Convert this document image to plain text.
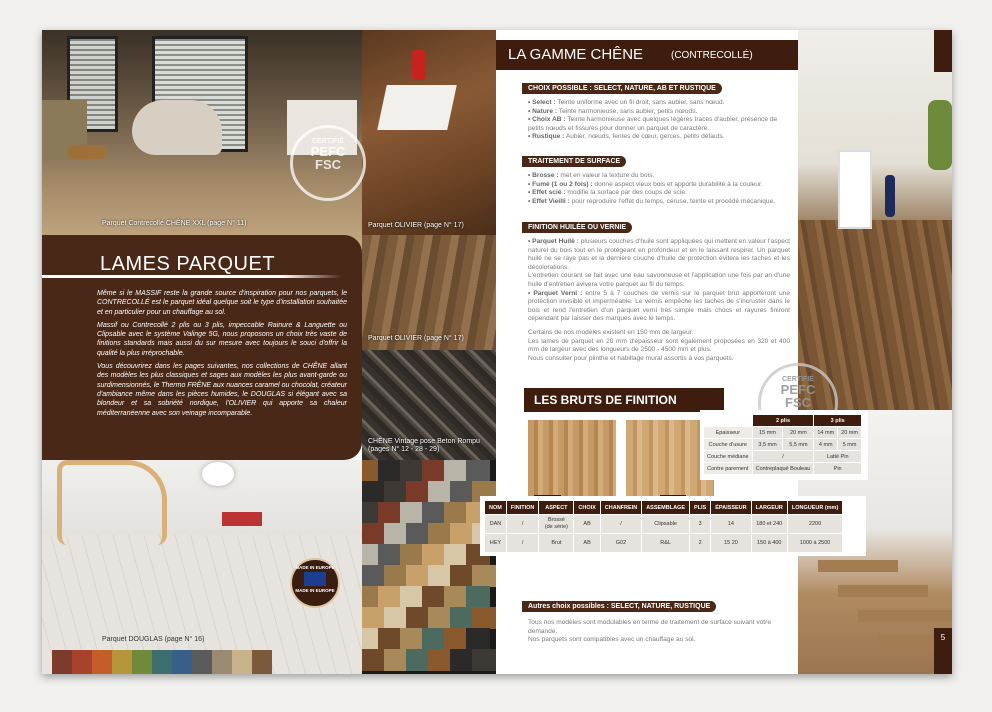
Parquet Contrecollé CHÊNE XXL (page N° 11)	Parquet OLIVIER (page N° 17)
Parquet OLIVIER (page N° 17)
CHÊNE Vintage pose Beton Rompu (pages N° 12 - 28 - 29)
Parquet DOUGLAS (page N° 16)
LAMES PARQUET

Même si le MASSIF reste la grande source d'inspiration pour nos parquets, le CONTRECOLLÉ est le parquet idéal quelque soit le type d'installation souhaitée et en particulier pour un chauffage au sol.

Massif ou Contrecollé 2 plis ou 3 plis, impeccable Rainure & Languette ou Clipsable avec le système Valinge 5G, nous proposons un choix très vaste de finitions standards mais aussi du sur mesure avec toujours le souci d'offrir la qualité la plus irréprochable.

Vous découvrirez dans les pages suivantes, nos collections de CHÊNE allant des modèles les plus classiques et sages aux modèles les plus avant-garde ou surdimensionnés, le Thermo FRÊNE aux nuances caramel ou chocolat, créateur d'ambiance même dans les pièces humides, le DOUGLAS si élégant avec sa blondeur et sa sobriété nordique, l'OLIVIER qui apporte sa chaleur méditerranéenne avec son veinage incomparable.

CERTIFIÉ
PEFC
FSC
MADE IN EUROPE
MADE IN EUROPE
LA GAMME CHÊNE	(CONTRECOLLÉ)
CHOIX POSSIBLE : SELECT, NATURE, AB ET RUSTIQUE

• Select : Teinte uniforme avec un fil droit, sans aubier, sans nœud.

• Nature : Teinte harmonieuse, sans aubier, petits nœuds.

• Choix AB : Teinte harmonieuse avec quelques légères traces d'aubier, présence de petits nœuds et fissures pour donner un parquet de caractère.

• Rustique : Aubier, nœuds, fentes de cœur, gerces, petits défauts.

TRAITEMENT DE SURFACE

• Brosse : met en valeur la texture du bois.

• Fumé (1 ou 2 fois) : donne aspect vieux bois et apporte durabilité à la couleur.

• Effet scié : modifie la surface par des coups de scie.

• Effet Vieilli : pour reproduire l'effet du temps, céruse, teinte et procédé mécanique.

FINITION HUILÉE OU VERNIE

• Parquet Huilé : plusieurs couches d'huile sont appliquées qui mettent en valeur l'aspect naturel du bois tout en le protégeant en profondeur et en le laissant respirer. Un parquet huilé ne se raye pas et la dernière couche d'huile de protection évitera les taches et les décolorations.

L'entretien courant se fait avec une eau savonneuse et l'application une fois par an d'une huile d'entretien avivera votre parquet au fil du temps.

• Parquet Verni : entre 5 à 7 couches de vernis sur le parquet brut apporteront une protection invisible et imperméable. Le vernis empêche les taches de s'incruster dans le bois et rend l'entretien d'un parquet verni très simple mais chocs et rayures finiront cependant par laisser des marques avec le temps.

Certains de nos modèles existent en 150 mm de largeur.

Les lames de parquet en 20 mm d'épaisseur sont également proposées en 320 et 400 mm de largeur avec des longueurs de 2500 - 4500 mm et plus.

Nous consulter pour plinthe et habillage mural assortis à vos parquets.

LES BRUTS DE FINITION
Autres choix possibles : SELECT, NATURE, RUSTIQUE

Tous nos modèles sont modulables en terme de traitement de surface suivant votre demande.

Nos parquets sont compatibles avec un chauffage au sol.

CERTIFIÉ
PEFC
FSC
5
	2 plis		3 plis	
Epaisseur	15 mm	20 mm	14 mm	20 mm
Couche d'usure	3,5 mm	5,5 mm	4 mm	5 mm
Couche médiane	/		Latté Pin	
Contre parement	Contreplaqué Bouleau		Pin	
NOM	FINITION	ASPECT	CHOIX	CHANFREIN	ASSEMBLAGE	PLIS	ÉPAISSEUR	LARGEUR	LONGUEUR (mm)
DAN	/	Brossé (de série)	AB	/	Clipsable	3	14	180 et 240	2200
HEY	/	Brut	AB	G02	R&L	2	15 20	150 à 400	1000 à 2500
